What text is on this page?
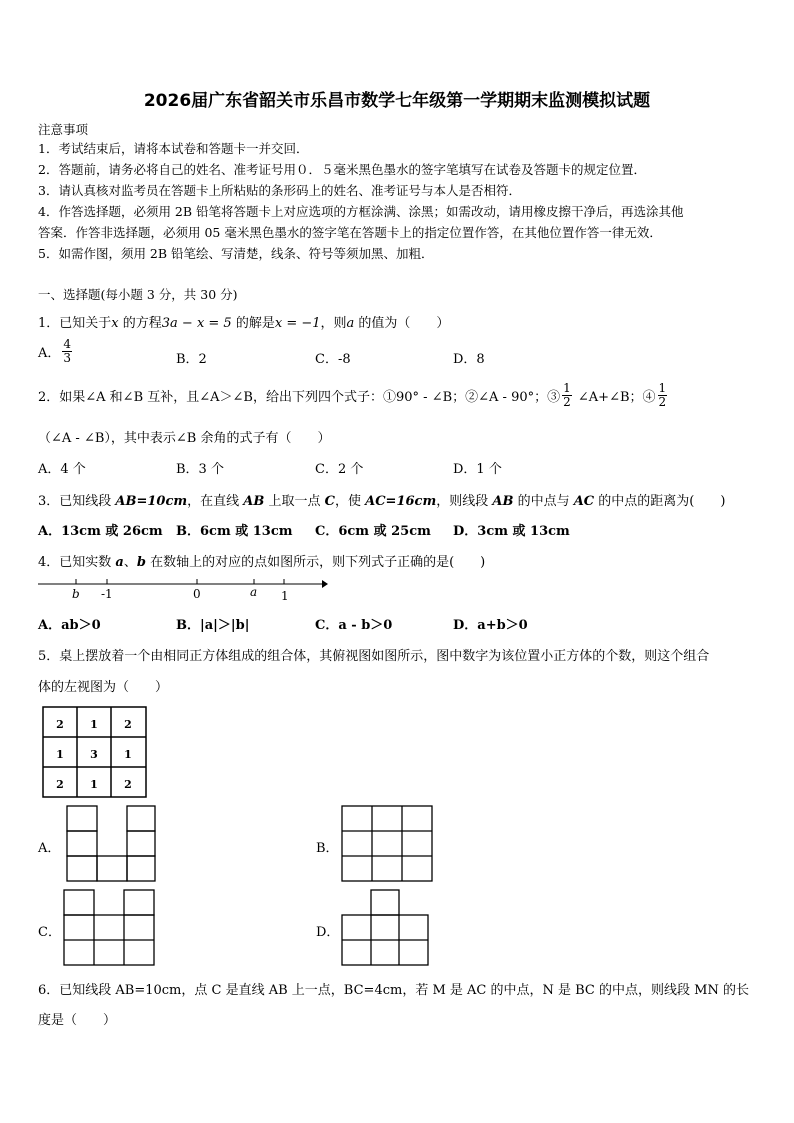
2026届广东省韶关市乐昌市数学七年级第一学期期末监测模拟试题
注意事项
1．考试结束后，请将本试卷和答题卡一并交回．
2．答题前，请务必将自己的姓名、准考证号用０．５毫米黑色墨水的签字笔填写在试卷及答题卡的规定位置．
3．请认真核对监考员在答题卡上所粘贴的条形码上的姓名、准考证号与本人是否相符．
4．作答选择题，必须用 2B 铅笔将答题卡上对应选项的方框涂满、涂黑；如需改动，请用橡皮擦干净后，再选涂其他
答案．作答非选择题，必须用 05 毫米黑色墨水的签字笔在答题卡上的指定位置作答，在其他位置作答一律无效．
5．如需作图，须用 2B 铅笔绘、写清楚，线条、符号等须加黑、加粗．
一、选择题(每小题 3 分，共 30 分)
1．已知关于x 的方程3a − x = 5 的解是x = −1，则a 的值为（　　）
A． $\frac{4}{3}$	B．2	C．-8	D．8
2．如果∠A 和∠B 互补，且∠A＞∠B，给出下列四个式子：①90° - ∠B；②∠A - 90°；③ $\frac{1}{2}$ ∠A+∠B；④ $\frac{1}{2}$
（∠A - ∠B），其中表示∠B 余角的式子有（　　）
A．4 个	B．3 个	C．2 个	D．1 个
3．已知线段 AB=10cm，在直线 AB 上取一点 C，使 AC=16cm，则线段 AB 的中点与 AC 的中点的距离为(　　)
A．13cm 或 26cm B．6cm 或 13cm C．6cm 或 25cm D．3cm 或 13cm
4．已知实数 a、b 在数轴上的对应的点如图所示，则下列式子正确的是(　　)
b -1	0	a 1
A．ab＞0	B．|a|＞|b|	C．a - b＞0	D．a+b＞0
5．桌上摆放着一个由相同正方体组成的组合体，其俯视图如图所示，图中数字为该位置小正方体的个数，则这个组合
体的左视图为（　　）
2 1 2
1 3 1
2 1 2
A．	B．
C．	D．
6．已知线段 AB=10cm，点 C 是直线 AB 上一点，BC=4cm，若 M 是 AC 的中点，N 是 BC 的中点，则线段 MN 的长
度是（　　）
